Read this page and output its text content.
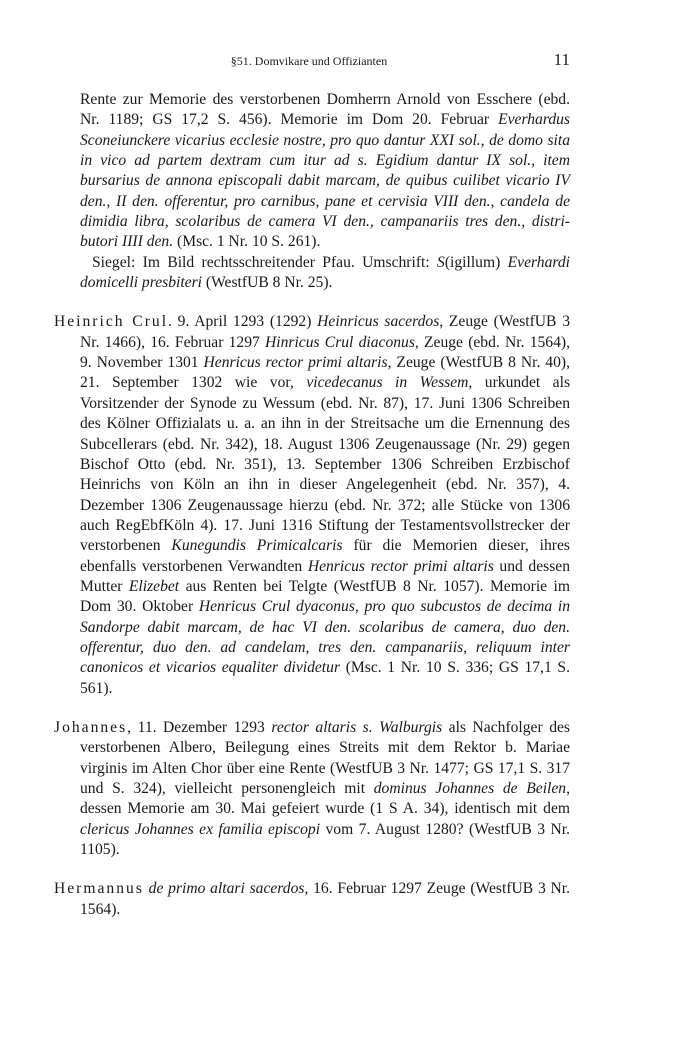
§51. Domvikare und Offizianten	11

Rente zur Memorie des verstorbenen Domherrn Arnold von Esschere (ebd. Nr. 1189; GS 17,2 S. 456). Memorie im Dom 20. Februar Everhardus Sconeiunckere vicarius ecclesie nostre, pro quo dantur XXI sol., de domo sita in vico ad partem dextram cum itur ad s. Egidium dantur IX sol., item bursarius de annona episcopali dabit marcam, de quibus cuilibet vicario IV den., II den. offerentur, pro carnibus, pane et cervisia VIII den., candela de dimidia libra, scolaribus de camera VI den., campanariis tres den., distributori IIII den. (Msc. 1 Nr. 10 S. 261).

Siegel: Im Bild rechtsschreitender Pfau. Umschrift: S(igillum) Everhardi domicelli presbiteri (WestfUB 8 Nr. 25).

Heinrich Crul. 9. April 1293 (1292) Heinricus sacerdos, Zeuge (WestfUB 3 Nr. 1466), 16. Februar 1297 Hinricus Crul diaconus, Zeuge (ebd. Nr. 1564), 9. November 1301 Henricus rector primi altaris, Zeuge (WestfUB 8 Nr. 40), 21. September 1302 wie vor, vicedecanus in Wessem, urkundet als Vorsitzender der Synode zu Wessum (ebd. Nr. 87), 17. Juni 1306 Schreiben des Kölner Offizialats u. a. an ihn in der Streitsache um die Ernennung des Subcellerars (ebd. Nr. 342), 18. August 1306 Zeugenaussage (Nr. 29) gegen Bischof Otto (ebd. Nr. 351), 13. September 1306 Schreiben Erzbischof Heinrichs von Köln an ihn in dieser Angelegenheit (ebd. Nr. 357), 4. Dezember 1306 Zeugenaussage hierzu (ebd. Nr. 372; alle Stücke von 1306 auch RegEbfKöln 4). 17. Juni 1316 Stiftung der Testamentsvollstrecker der verstorbenen Kunegundis Primicalcaris für die Memorien dieser, ihres ebenfalls verstorbenen Verwandten Henricus rector primi altaris und dessen Mutter Elizebet aus Renten bei Telgte (WestfUB 8 Nr. 1057). Memorie im Dom 30. Oktober Henricus Crul dyaconus, pro quo subcustos de decima in Sandorpe dabit marcam, de hac VI den. scolaribus de camera, duo den. offerentur, duo den. ad candelam, tres den. campanariis, reliquum inter canonicos et vicarios equaliter dividetur (Msc. 1 Nr. 10 S. 336; GS 17,1 S. 561).

Johannes, 11. Dezember 1293 rector altaris s. Walburgis als Nachfolger des verstorbenen Albero, Beilegung eines Streits mit dem Rektor b. Mariae virginis im Alten Chor über eine Rente (WestfUB 3 Nr. 1477; GS 17,1 S. 317 und S. 324), vielleicht personengleich mit dominus Johannes de Beilen, dessen Memorie am 30. Mai gefeiert wurde (1 S A. 34), identisch mit dem clericus Johannes ex familia episcopi vom 7. August 1280? (WestfUB 3 Nr. 1105).

Hermannus de primo altari sacerdos, 16. Februar 1297 Zeuge (WestfUB 3 Nr. 1564).
